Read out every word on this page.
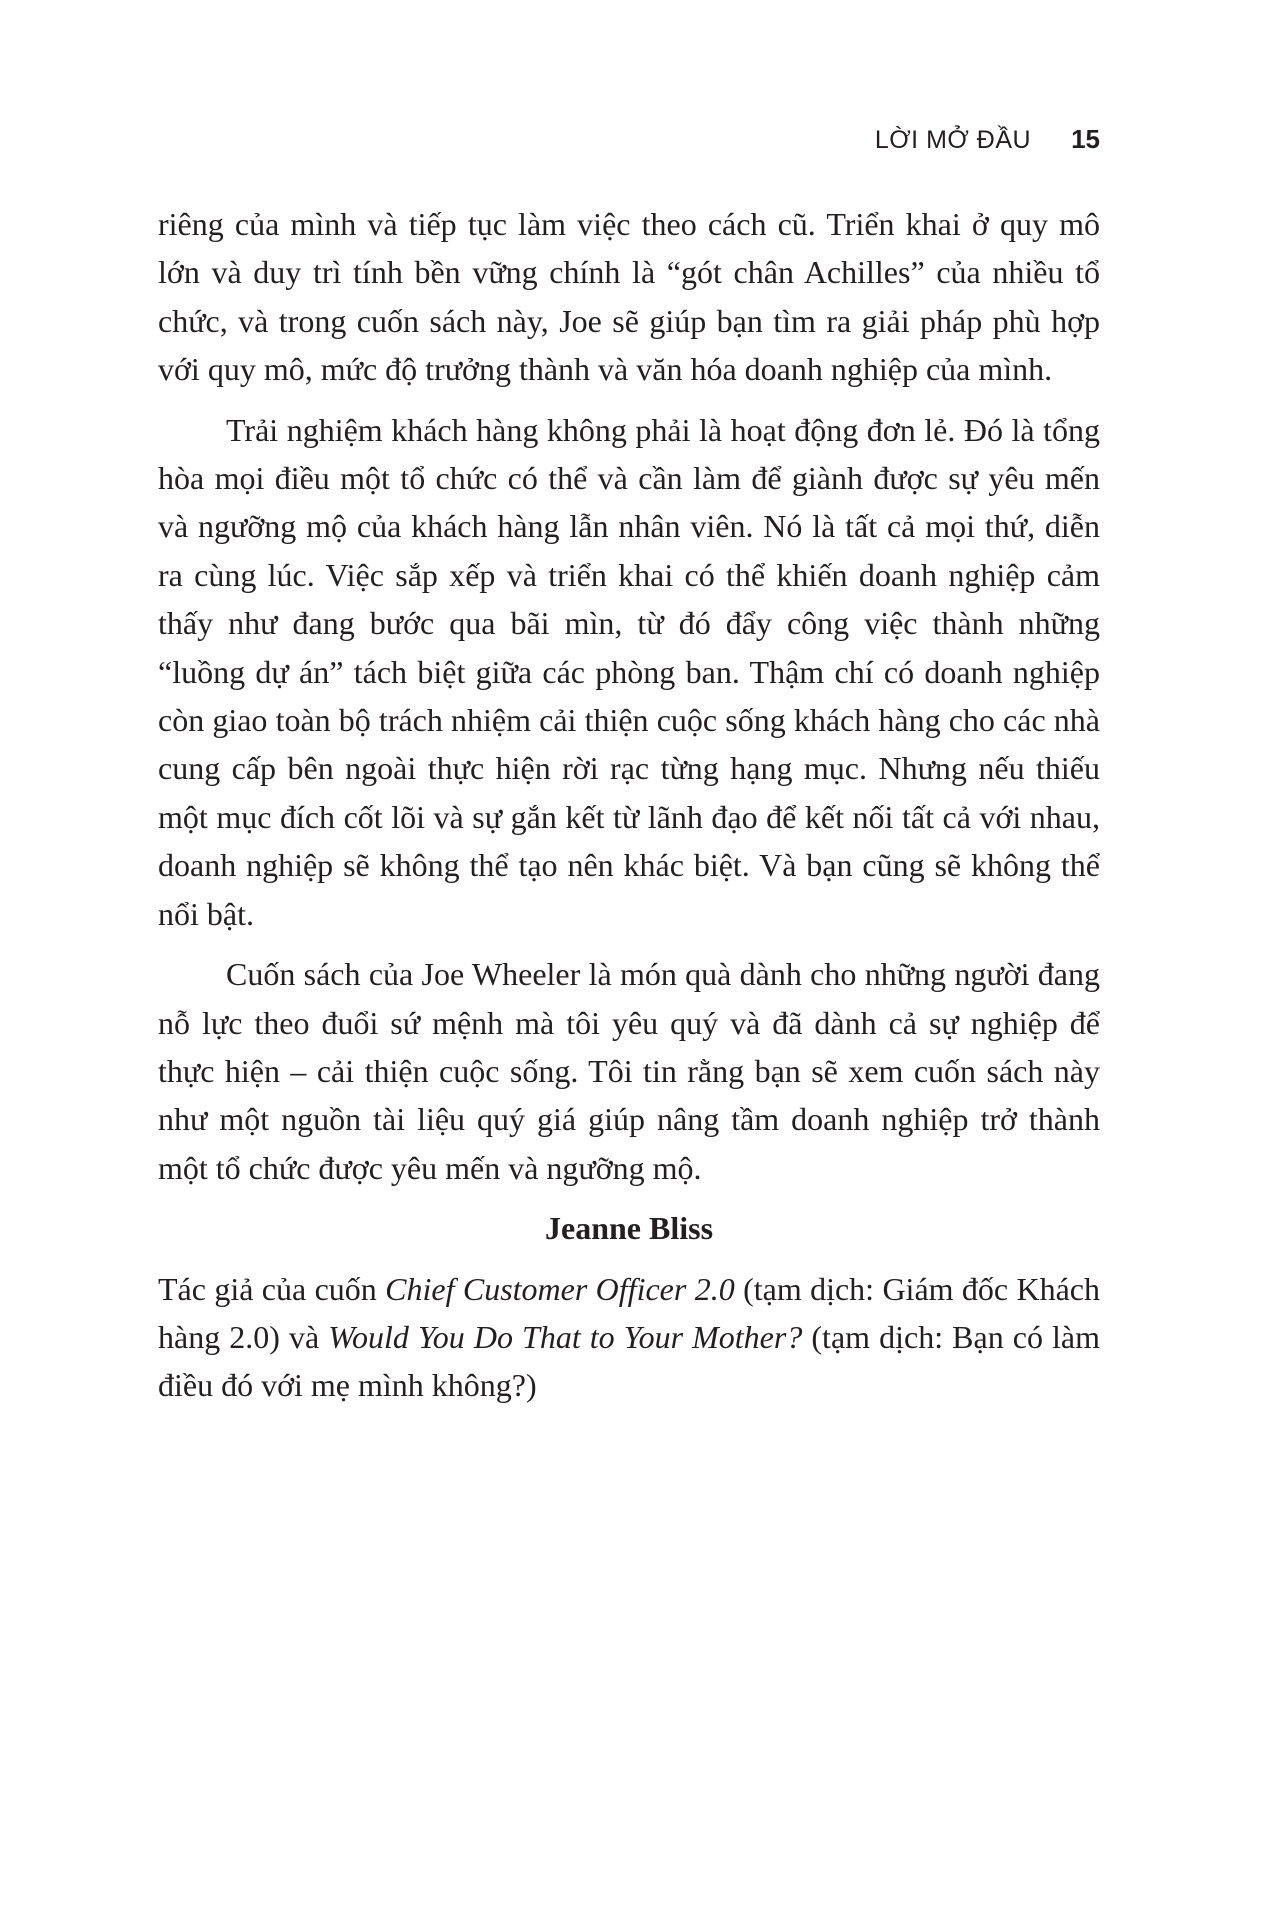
LỜI MỞ ĐẦU 15

riêng của mình và tiếp tục làm việc theo cách cũ. Triển khai ở quy mô lớn và duy trì tính bền vững chính là “gót chân Achilles” của nhiều tổ chức, và trong cuốn sách này, Joe sẽ giúp bạn tìm ra giải pháp phù hợp với quy mô, mức độ trưởng thành và văn hóa doanh nghiệp của mình.

Trải nghiệm khách hàng không phải là hoạt động đơn lẻ. Đó là tổng hòa mọi điều một tổ chức có thể và cần làm để giành được sự yêu mến và ngưỡng mộ của khách hàng lẫn nhân viên. Nó là tất cả mọi thứ, diễn ra cùng lúc. Việc sắp xếp và triển khai có thể khiến doanh nghiệp cảm thấy như đang bước qua bãi mìn, từ đó đẩy công việc thành những “luồng dự án” tách biệt giữa các phòng ban. Thậm chí có doanh nghiệp còn giao toàn bộ trách nhiệm cải thiện cuộc sống khách hàng cho các nhà cung cấp bên ngoài thực hiện rời rạc từng hạng mục. Nhưng nếu thiếu một mục đích cốt lõi và sự gắn kết từ lãnh đạo để kết nối tất cả với nhau, doanh nghiệp sẽ không thể tạo nên khác biệt. Và bạn cũng sẽ không thể nổi bật.

Cuốn sách của Joe Wheeler là món quà dành cho những người đang nỗ lực theo đuổi sứ mệnh mà tôi yêu quý và đã dành cả sự nghiệp để thực hiện – cải thiện cuộc sống. Tôi tin rằng bạn sẽ xem cuốn sách này như một nguồn tài liệu quý giá giúp nâng tầm doanh nghiệp trở thành một tổ chức được yêu mến và ngưỡng mộ.

Jeanne Bliss

Tác giả của cuốn Chief Customer Officer 2.0 (tạm dịch: Giám đốc Khách hàng 2.0) và Would You Do That to Your Mother? (tạm dịch: Bạn có làm điều đó với mẹ mình không?)
